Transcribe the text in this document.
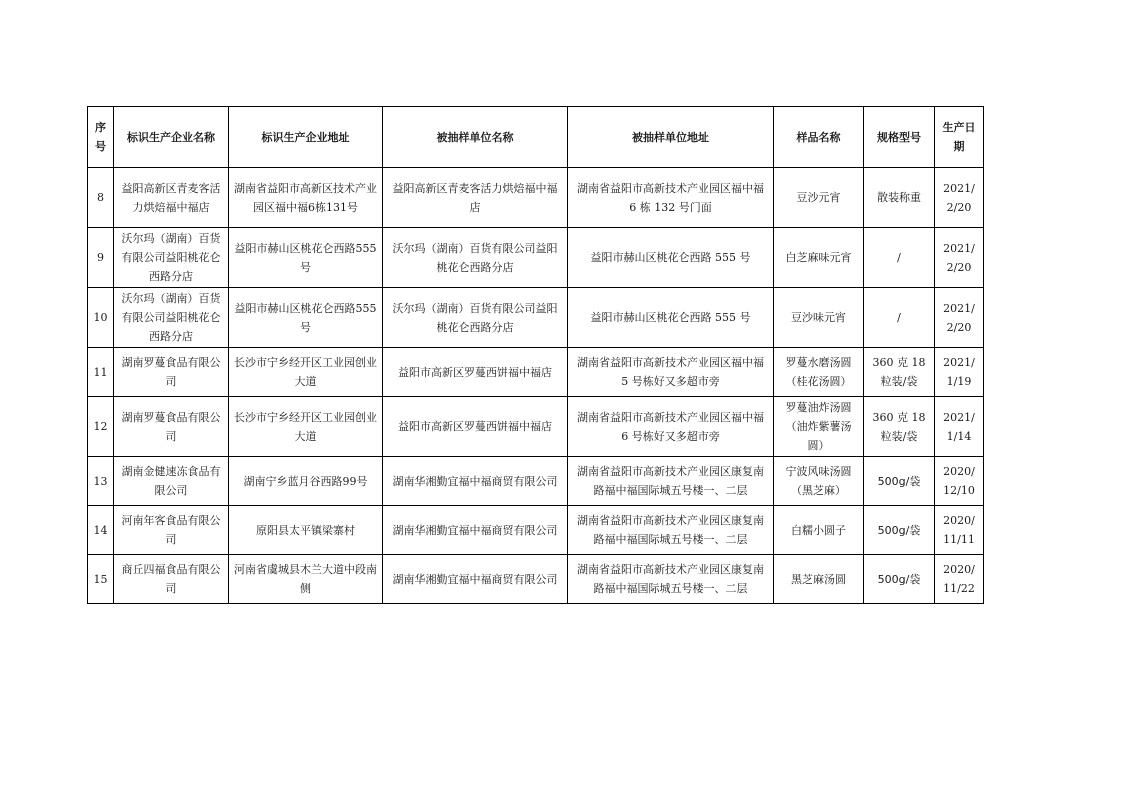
序号	标识生产企业名称	标识生产企业地址	被抽样单位名称	被抽样单位地址	样品名称	规格型号	生产日期
8	益阳高新区青麦客活力烘焙福中福店	湖南省益阳市高新区技术产业园区福中福6栋131号	益阳高新区青麦客活力烘焙福中福店	湖南省益阳市高新技术产业园区福中福 6 栋 132 号门面	豆沙元宵	散装称重	2021/2/20
9	沃尔玛（湖南）百货有限公司益阳桃花仑西路分店	益阳市赫山区桃花仑西路555号	沃尔玛（湖南）百货有限公司益阳桃花仑西路分店	益阳市赫山区桃花仑西路 555 号	白芝麻味元宵	/	2021/2/20
10	沃尔玛（湖南）百货有限公司益阳桃花仑西路分店	益阳市赫山区桃花仑西路555号	沃尔玛（湖南）百货有限公司益阳桃花仑西路分店	益阳市赫山区桃花仑西路 555 号	豆沙味元宵	/	2021/2/20
11	湖南罗蔓食品有限公司	长沙市宁乡经开区工业园创业大道	益阳市高新区罗蔓西饼福中福店	湖南省益阳市高新技术产业园区福中福 5 号栋好又多超市旁	罗蔓水磨汤圆（桂花汤圆）	360 克 18 粒装/袋	2021/1/19
12	湖南罗蔓食品有限公司	长沙市宁乡经开区工业园创业大道	益阳市高新区罗蔓西饼福中福店	湖南省益阳市高新技术产业园区福中福 6 号栋好又多超市旁	罗蔓油炸汤圆（油炸紫薯汤圆）	360 克 18 粒装/袋	2021/1/14
13	湖南金健速冻食品有限公司	湖南宁乡蓝月谷西路99号	湖南华湘勤宜福中福商贸有限公司	湖南省益阳市高新技术产业园区康复南路福中福国际城五号楼一、二层	宁波风味汤圆（黑芝麻）	500g/袋	2020/12/10
14	河南年客食品有限公司	原阳县太平镇梁寨村	湖南华湘勤宜福中福商贸有限公司	湖南省益阳市高新技术产业园区康复南路福中福国际城五号楼一、二层	白糯小圆子	500g/袋	2020/11/11
15	商丘四福食品有限公司	河南省虞城县木兰大道中段南侧	湖南华湘勤宜福中福商贸有限公司	湖南省益阳市高新技术产业园区康复南路福中福国际城五号楼一、二层	黑芝麻汤圆	500g/袋	2020/11/22
